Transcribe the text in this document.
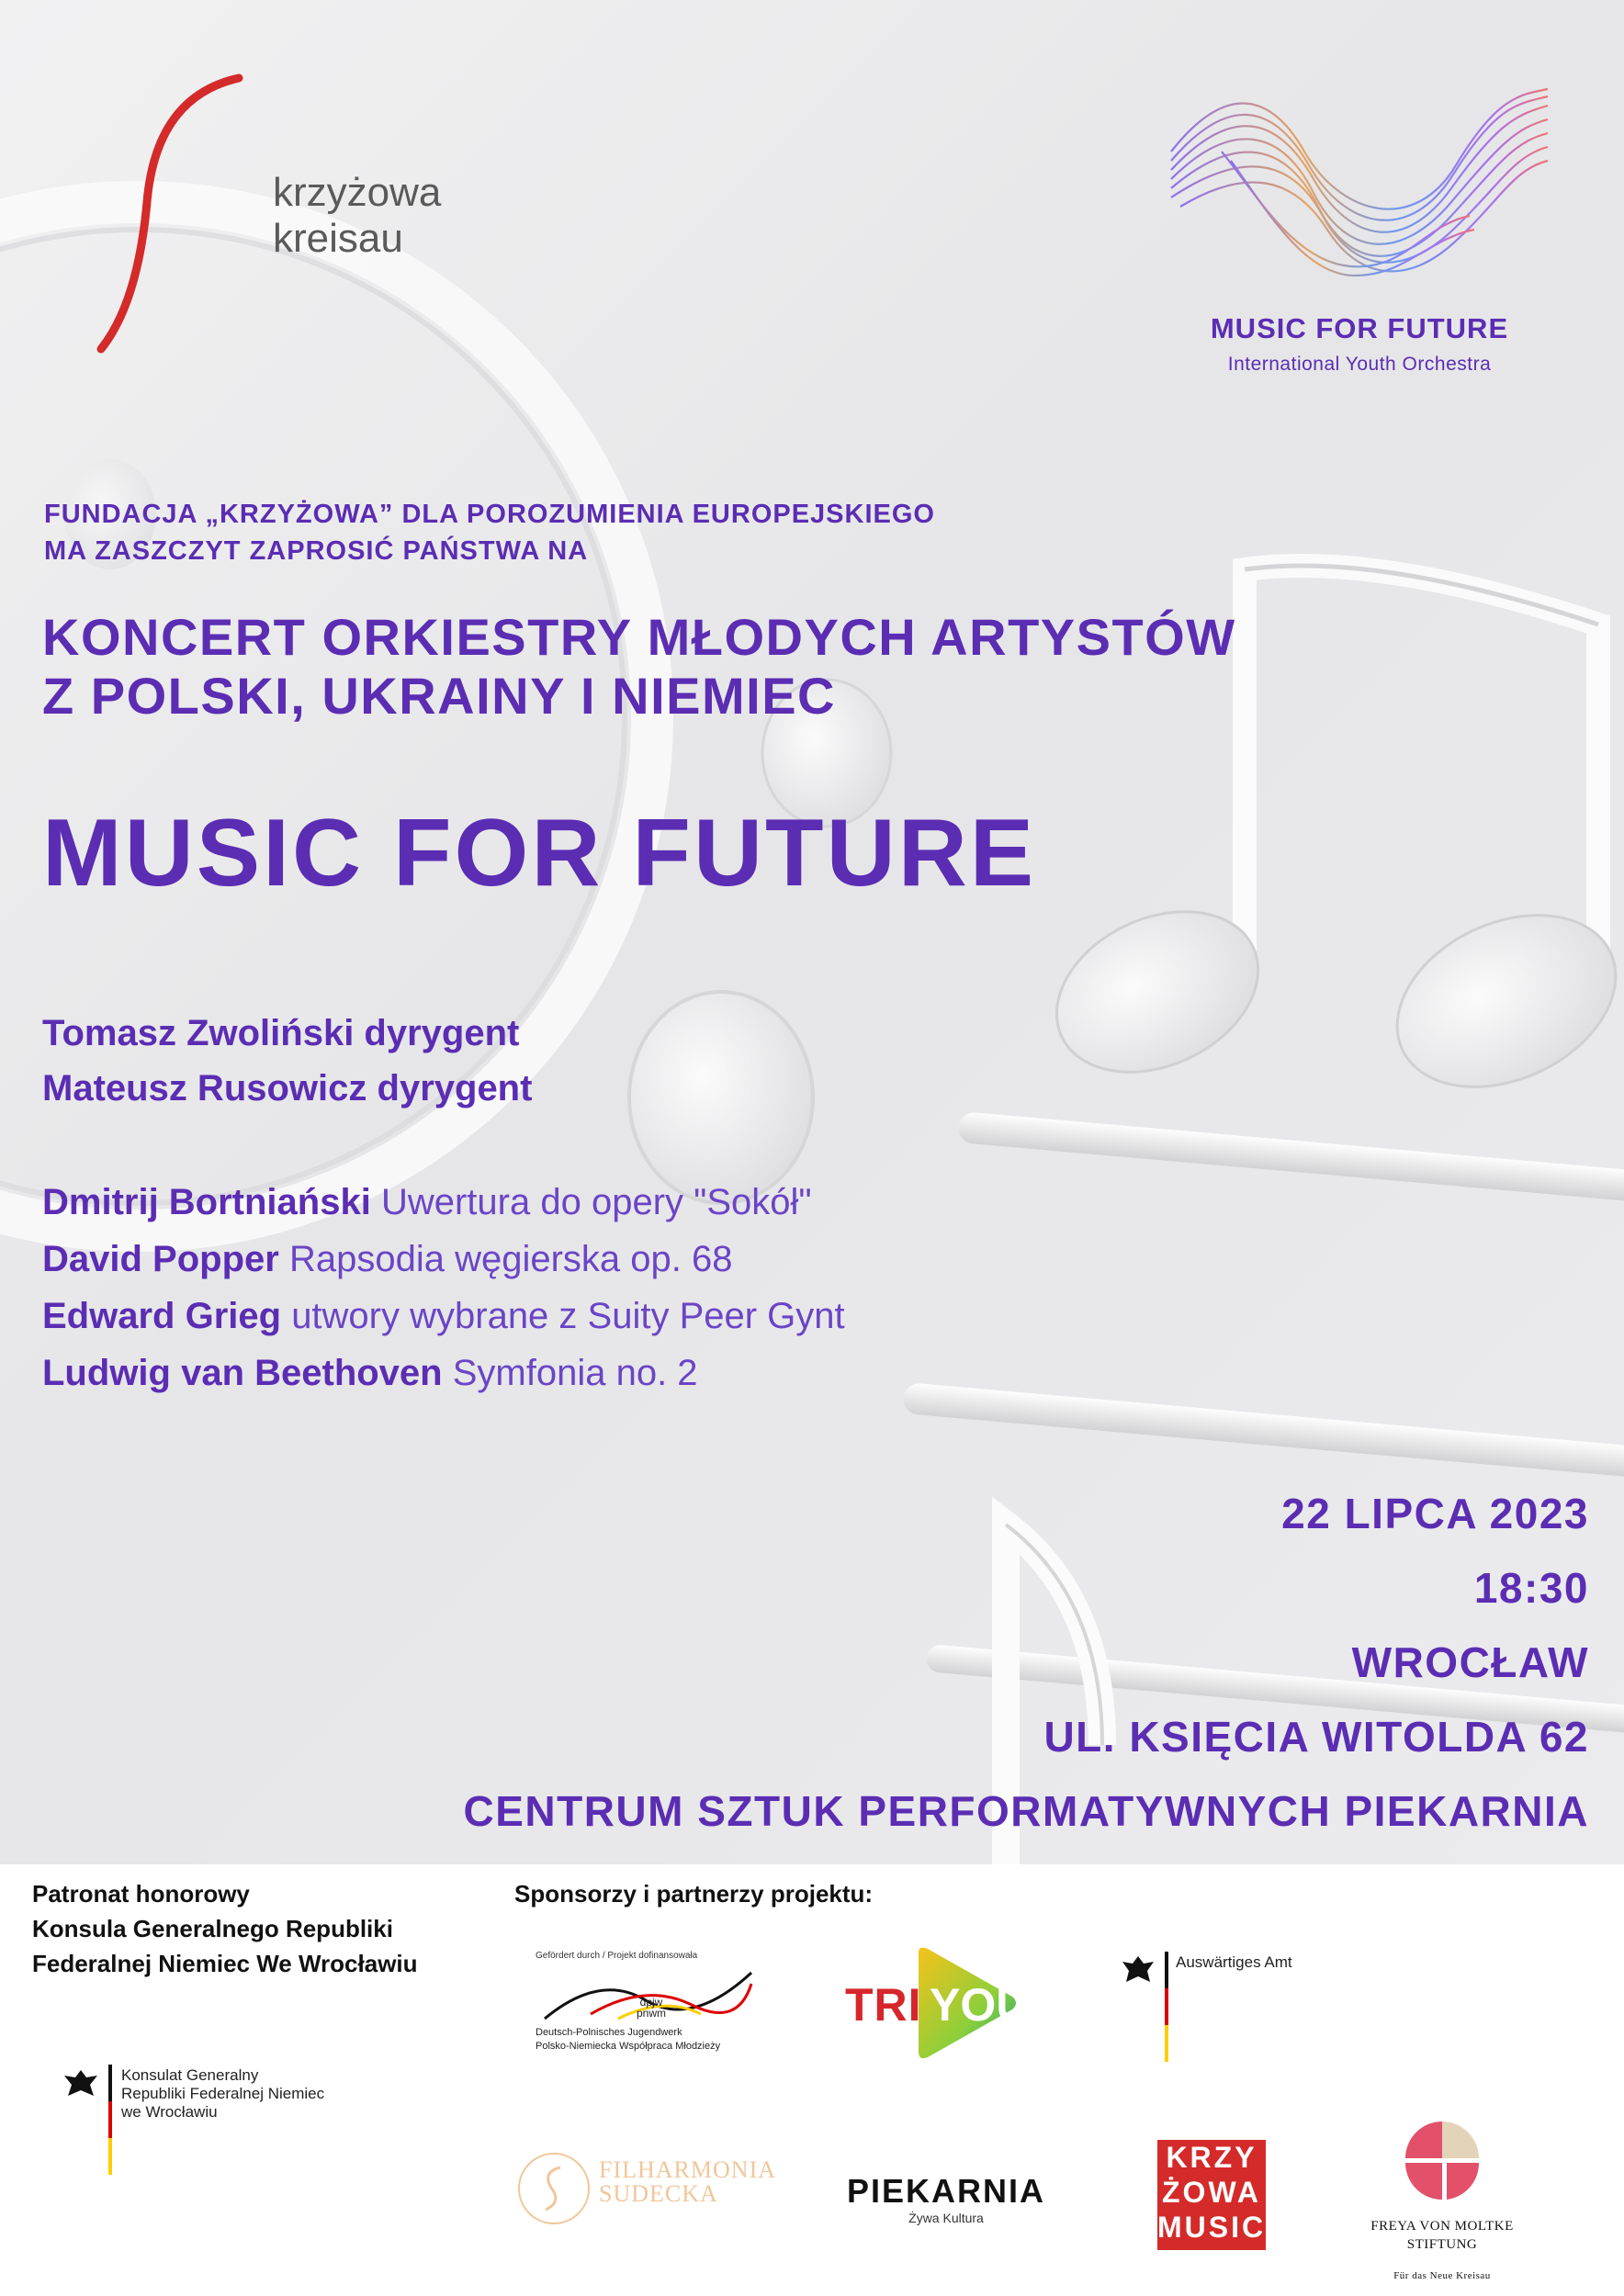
krzyżowa
kreisau
MUSIC FOR FUTURE
International Youth Orchestra
FUNDACJA „KRZYŻOWA” DLA POROZUMIENIA EUROPEJSKIEGO
MA ZASZCZYT ZAPROSIĆ PAŃSTWA NA
KONCERT ORKIESTRY MŁODYCH ARTYSTÓW
Z POLSKI, UKRAINY I NIEMIEC
MUSIC FOR FUTURE
Tomasz Zwoliński dyrygent
Mateusz Rusowicz dyrygent
Dmitrij Bortniański Uwertura do opery "Sokół"
David Popper Rapsodia węgierska op. 68
Edward Grieg utwory wybrane z Suity Peer Gynt
Ludwig van Beethoven Symfonia no. 2
22 LIPCA 2023
18:30
WROCŁAW
UL. KSIĘCIA WITOLDA 62
CENTRUM SZTUK PERFORMATYWNYCH PIEKARNIA
Patronat honorowy
Konsula Generalnego Republiki
Federalnej Niemiec We Wrocławiu
Sponsorzy i partnerzy projektu:
Konsulat Generalny
Republiki Federalnej Niemiec
we Wrocławiu
Gefördert durch / Projekt dofinansowała
dpjw
pnwm
Deutsch-Polnisches Jugendwerk
Polsko-Niemiecka Współpraca Młodzieży
TRI YOU
Auswärtiges Amt
FILHARMONIA
SUDECKA	PIEKARNIA
Żywa Kultura
KRZY
ŻOWA
MUSIC	FREYA VON MOLTKE
STIFTUNG
Für das Neue Kreisau
